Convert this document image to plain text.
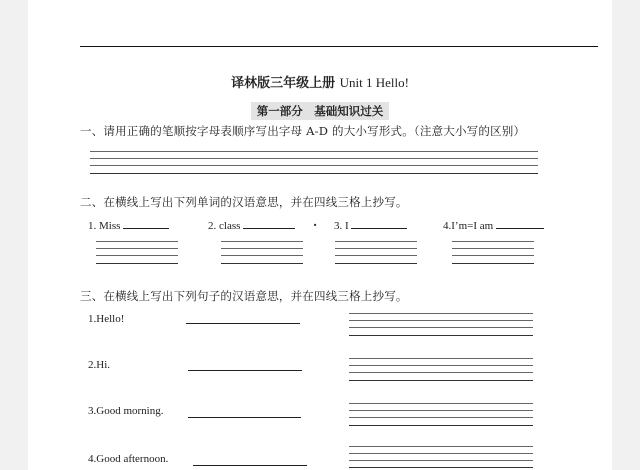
译林版三年级上册 Unit 1 Hello!
第一部分　基础知识过关
一、请用正确的笔顺按字母表顺序写出字母 A-D 的大小写形式。（注意大小写的区别）
二、在横线上写出下列单词的汉语意思，并在四线三格上抄写。
1. Miss	2. class	. 3. I	4.I’m=I am
三、在横线上写出下列句子的汉语意思，并在四线三格上抄写。
1.Hello!
2.Hi.
3.Good morning.
4.Good afternoon.
